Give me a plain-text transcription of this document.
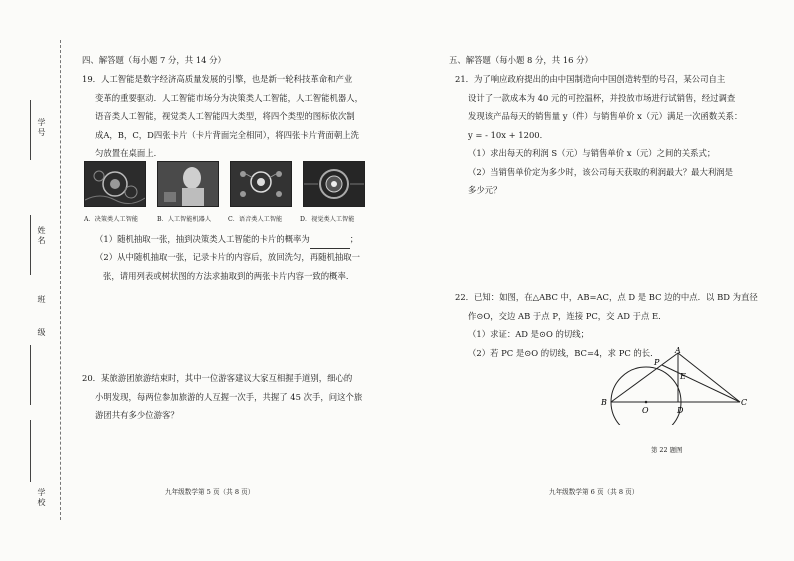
学号
姓名
班
级
学校
四、解答题（每小题 7 分，共 14 分）
19．人工智能是数字经济高质量发展的引擎，也是新一轮科技革命和产业
变革的重要驱动．人工智能市场分为决策类人工智能，人工智能机器人，
语音类人工智能，视觉类人工智能四大类型，将四个类型的图标依次制
成A，B，C，D四张卡片（卡片背面完全相同），将四张卡片背面朝上洗
匀放置在桌面上．
A．决策类人工智能	B．人工智能机器人	C．语音类人工智能	D．视觉类人工智能
（1）随机抽取一张，抽到决策类人工智能的卡片的概率为	；
（2）从中随机抽取一张，记录卡片的内容后，放回洗匀，再随机抽取一
张，请用列表或树状图的方法求抽取到的两张卡片内容一致的概率．
20．某旅游团旅游结束时，其中一位游客建议大家互相握手道别，细心的
小明发现，每两位参加旅游的人互握一次手，共握了 45 次手，问这个旅
游团共有多少位游客？
九年级数学第 5 页（共 8 页）
五、解答题（每小题 8 分，共 16 分）
21．为了响应政府提出的由中国制造向中国创造转型的号召，某公司自主
设计了一款成本为 40 元的可控温杯，并投放市场进行试销售，经过调查
发现该产品每天的销售量 y（件）与销售单价 x（元）满足一次函数关系：
y = - 10x + 1200．
（1）求出每天的利润 S（元）与销售单价 x（元）之间的关系式；
（2）当销售单价定为多少时，该公司每天获取的利润最大？最大利润是
多少元？
22．已知：如图，在△ABC 中，AB=AC，点 D 是 BC 边的中点．以 BD 为直径
作⊙O，交边 AB 于点 P，连接 PC，交 AD 于点 E．
（1）求证：AD 是⊙O 的切线；
（2）若 PC 是⊙O 的切线，BC=4，求 PC 的长．	A
P
E
B
O	D
C
第 22 题图
九年级数学第 6 页（共 8 页）
